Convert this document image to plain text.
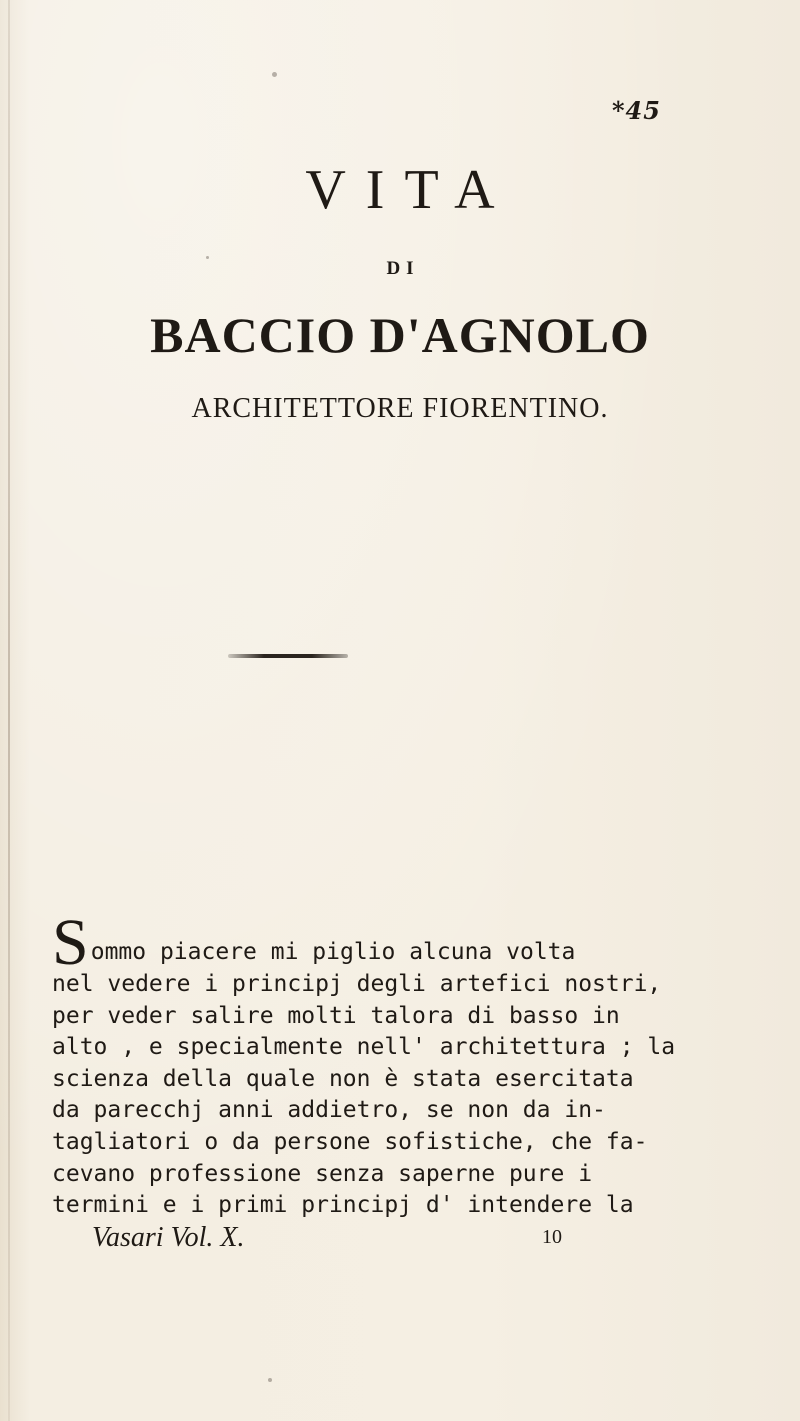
*45
VITA
DI
BACCIO D'AGNOLO
ARCHITETTORE FIORENTINO.
S ommo piacere mi piglio alcuna volta
nel vedere i principj degli artefici nostri,
per veder salire molti talora di basso in
alto , e specialmente nell' architettura ; la
scienza della quale non è stata esercitata
da parecchj anni addietro, se non da in-
tagliatori o da persone sofistiche, che fa-
cevano professione senza saperne pure i
termini e i primi principj d' intendere la
Vasari Vol. X.	10
